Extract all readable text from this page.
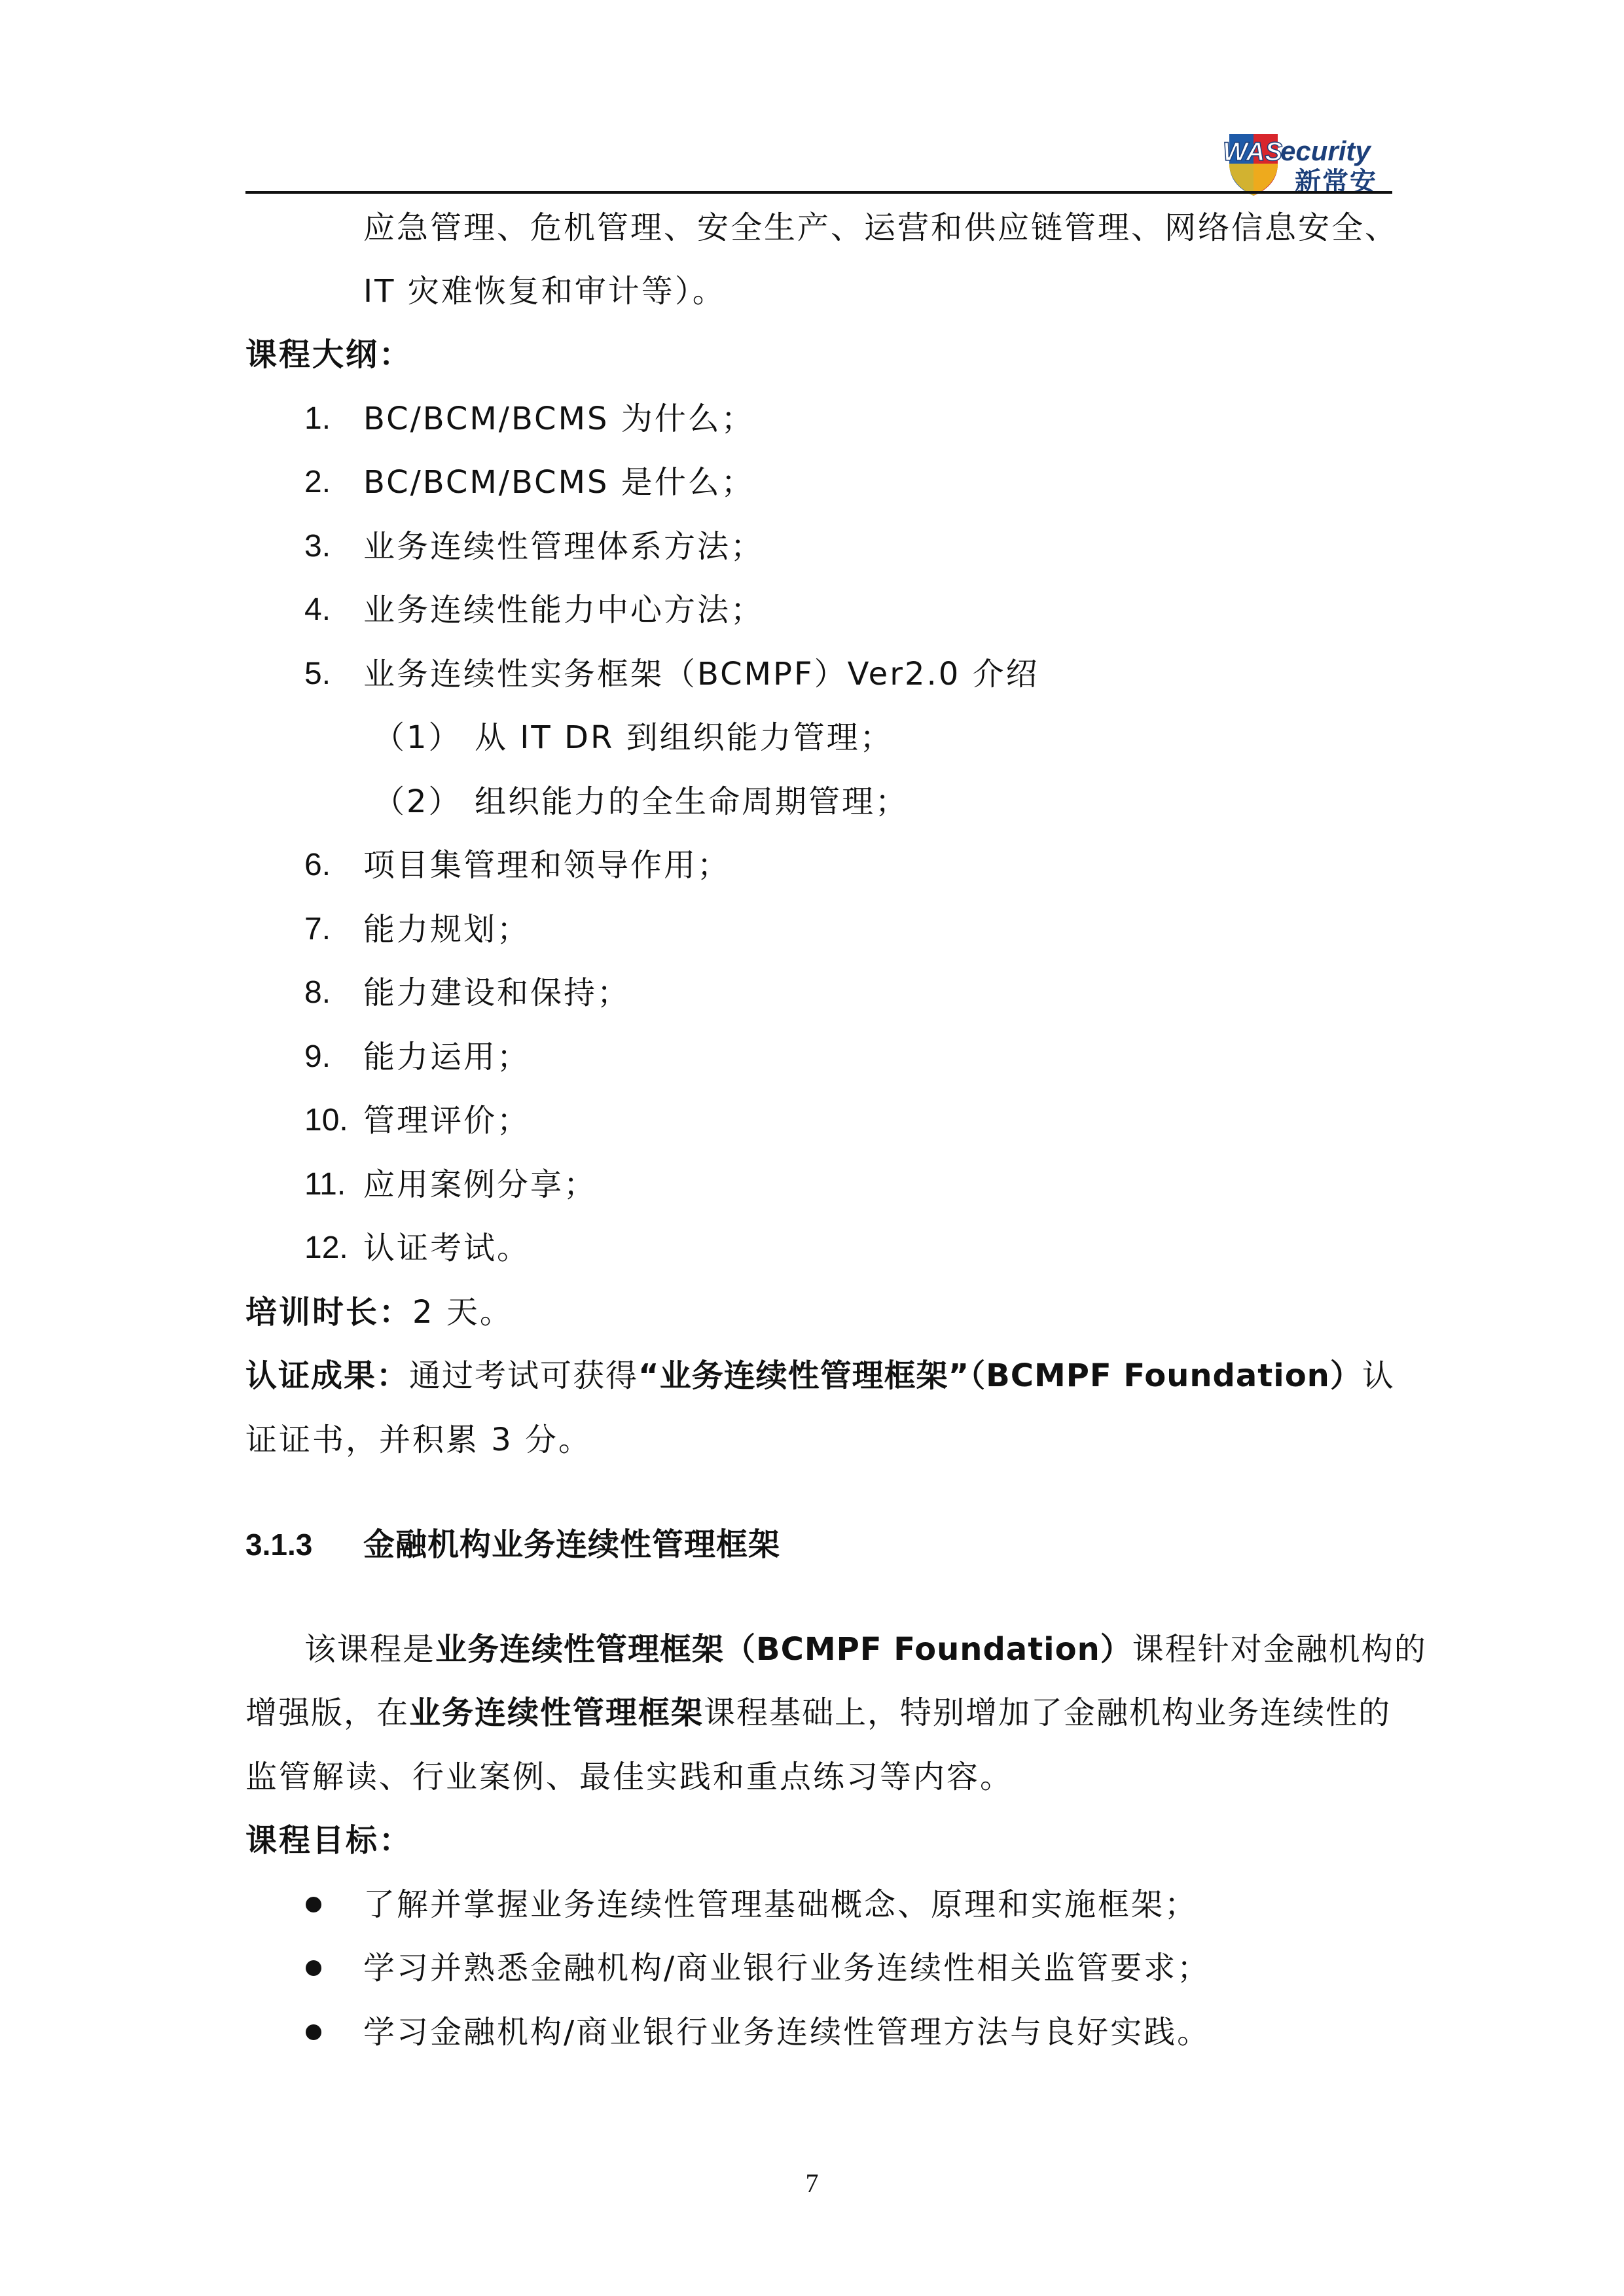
WAS
ecurity
新常安
应急管理、危机管理、安全生产、运营和供应链管理、网络信息安全、
IT 灾难恢复和审计等）。
课程大纲：
1. BC/BCM/BCMS 为什么；
2. BC/BCM/BCMS 是什么；
3. 业务连续性管理体系方法；
4. 业务连续性能力中心方法；
5. 业务连续性实务框架（BCMPF）Ver2.0 介绍
（1） 从 IT DR 到组织能力管理；
（2） 组织能力的全生命周期管理；
6. 项目集管理和领导作用；
7. 能力规划；
8. 能力建设和保持；
9. 能力运用；
10. 管理评价；
11. 应用案例分享；
12. 认证考试。
培训时长：2 天。
认证成果：通过考试可获得“业务连续性管理框架”（BCMPF Foundation）认
证证书，并积累 3 分。
3.1.3 金融机构业务连续性管理框架
该课程是业务连续性管理框架（BCMPF Foundation）课程针对金融机构的
增强版，在业务连续性管理框架课程基础上，特别增加了金融机构业务连续性的
监管解读、行业案例、最佳实践和重点练习等内容。
课程目标：
了解并掌握业务连续性管理基础概念、原理和实施框架；
学习并熟悉金融机构/商业银行业务连续性相关监管要求；
学习金融机构/商业银行业务连续性管理方法与良好实践。
7
